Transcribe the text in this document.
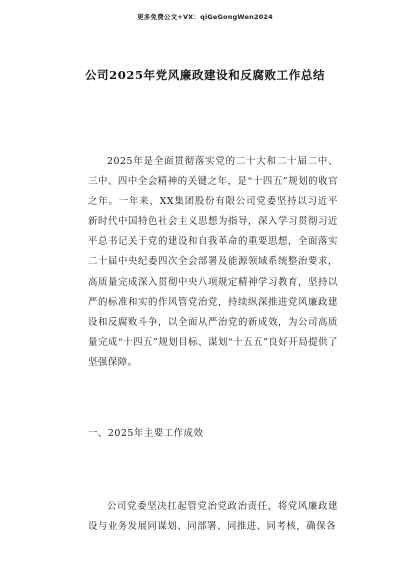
更多免费公文+VX：qiGeGongWen2024
公司2025年党风廉政建设和反腐败工作总结

2025年是全面贯彻落实党的二十大和二十届二中、三中、四中全会精神的关键之年，是“十四五”规划的收官之年。一年来，XX集团股份有限公司党委坚持以习近平新时代中国特色社会主义思想为指导，深入学习贯彻习近平总书记关于党的建设和自我革命的重要思想，全面落实二十届中央纪委四次全会部署及能源领域系统整治要求，高质量完成深入贯彻中央八项规定精神学习教育，坚持以严的标准和实的作风管党治党，持续纵深推进党风廉政建设和反腐败斗争，以全面从严治党的新成效，为公司高质量完成“十四五”规划目标、谋划“十五五”良好开局提供了坚强保障。

一、2025年主要工作成效

公司党委坚决扛起管党治党政治责任，将党风廉政建设与业务发展同谋划、同部署、同推进、同考核，确保各
